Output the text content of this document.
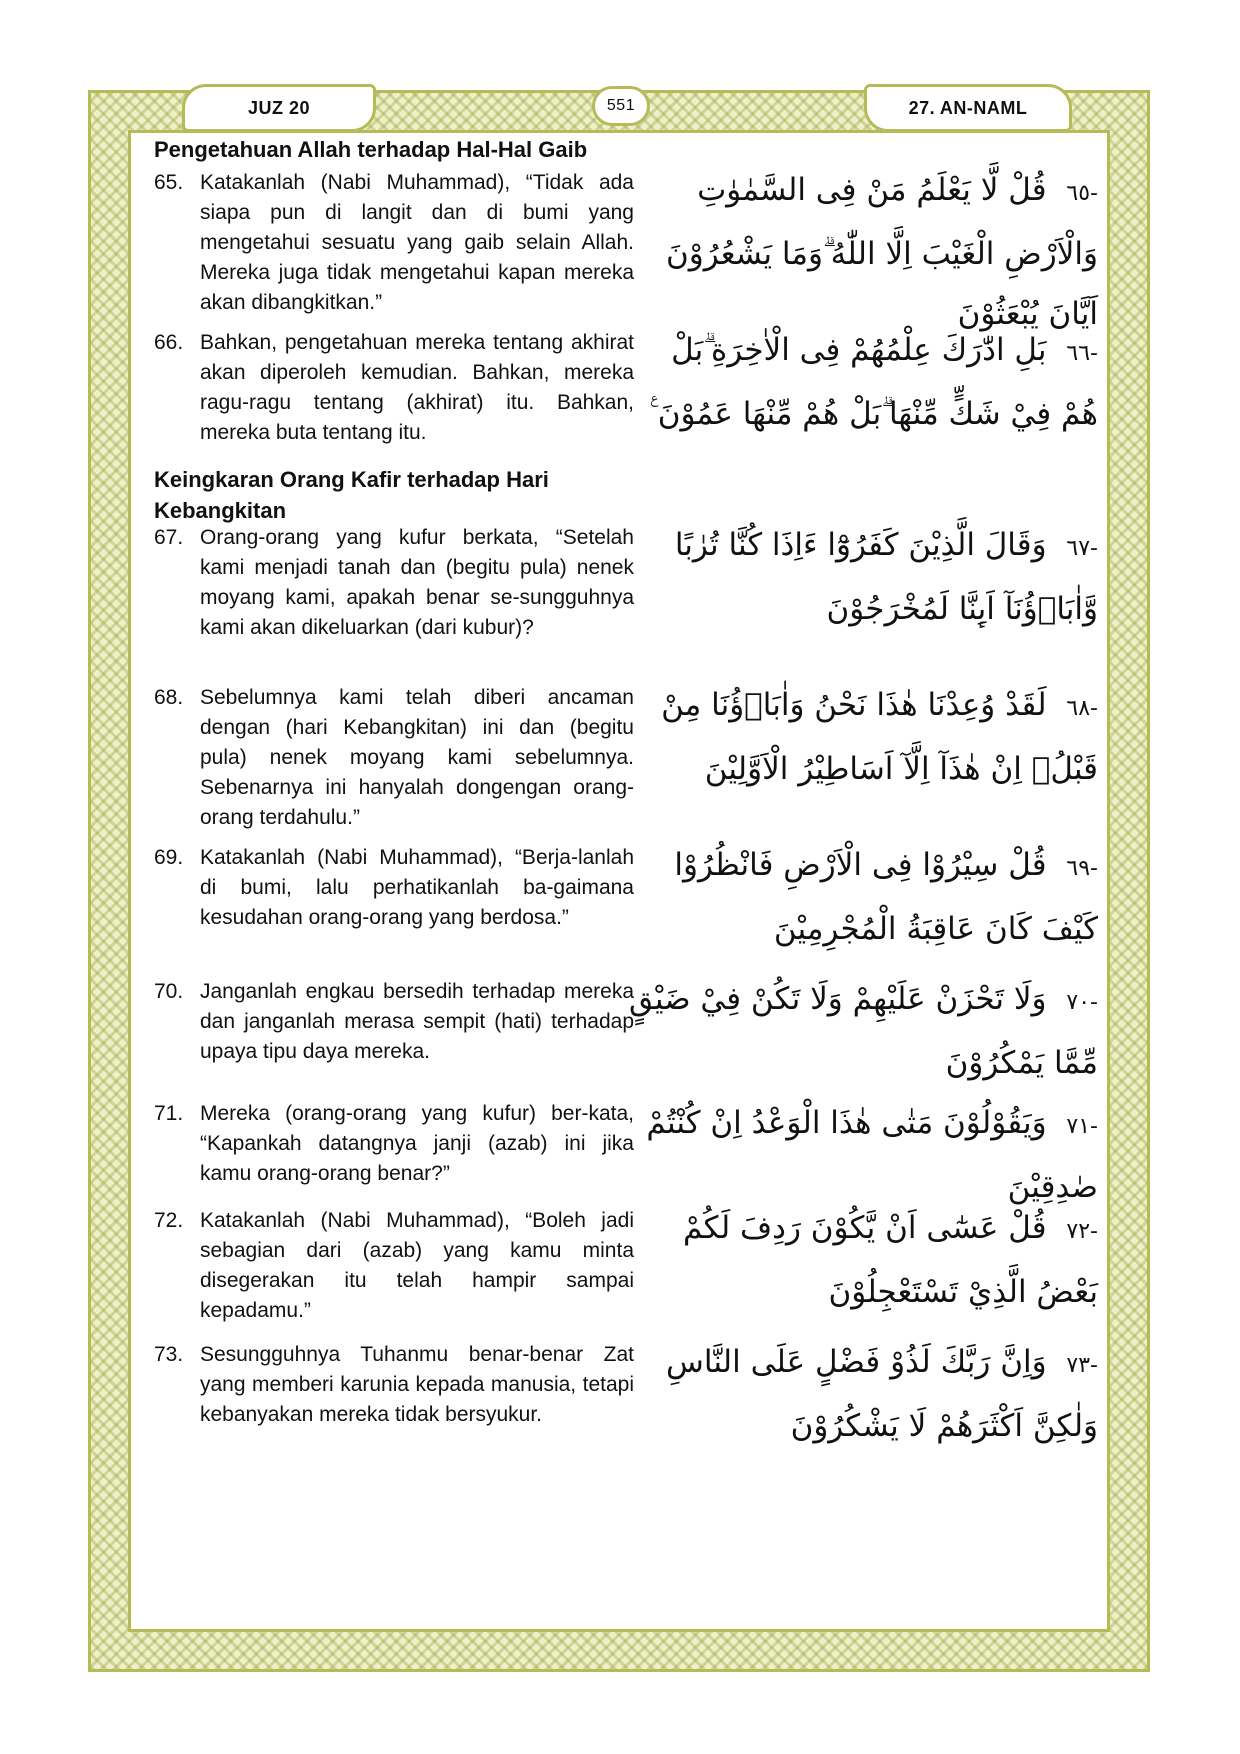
JUZ 20	551	27. AN-NAML
Pengetahuan Allah terhadap Hal-Hal Gaib
65. Katakanlah (Nabi Muhammad), “Tidak ada siapa pun di langit dan di bumi yang mengetahui sesuatu yang gaib selain Allah. Mereka juga tidak mengetahui kapan mereka akan dibangkitkan.”
-٦٥ قُلْ لَّا يَعْلَمُ مَنْ فِى السَّمٰوٰتِ وَالْاَرْضِ الْغَيْبَ اِلَّا اللّٰهُ ۗوَمَا يَشْعُرُوْنَ اَيَّانَ يُبْعَثُوْنَ
66. Bahkan, pengetahuan mereka tentang akhirat akan diperoleh kemudian. Bahkan, mereka ragu-ragu tentang (akhirat) itu. Bahkan, mereka buta tentang itu.
-٦٦ بَلِ ادّٰرَكَ عِلْمُهُمْ فِى الْاٰخِرَةِ ۗبَلْ هُمْ فِيْ شَكٍّ مِّنْهَا ۗبَلْ هُمْ مِّنْهَا عَمُوْنَ ࣖ
Keingkaran Orang Kafir terhadap Hari Kebangkitan
67. Orang-orang yang kufur berkata, “Setelah kami menjadi tanah dan (begitu pula) nenek moyang kami, apakah benar se-sungguhnya kami akan dikeluarkan (dari kubur)?
-٦٧ وَقَالَ الَّذِيْنَ كَفَرُوْٓا ءَاِذَا كُنَّا تُرٰبًا وَّاٰبَاۤؤُنَآ اَىِٕنَّا لَمُخْرَجُوْنَ
68. Sebelumnya kami telah diberi ancaman dengan (hari Kebangkitan) ini dan (begitu pula) nenek moyang kami sebelumnya. Sebenarnya ini hanyalah dongengan orang-orang terdahulu.”
-٦٨ لَقَدْ وُعِدْنَا هٰذَا نَحْنُ وَاٰبَاۤؤُنَا مِنْ قَبْلُۙ اِنْ هٰذَآ اِلَّآ اَسَاطِيْرُ الْاَوَّلِيْنَ
69. Katakanlah (Nabi Muhammad), “Berja-lanlah di bumi, lalu perhatikanlah ba-gaimana kesudahan orang-orang yang berdosa.”
-٦٩ قُلْ سِيْرُوْا فِى الْاَرْضِ فَانْظُرُوْا كَيْفَ كَانَ عَاقِبَةُ الْمُجْرِمِيْنَ
70. Janganlah engkau bersedih terhadap mereka dan janganlah merasa sempit (hati) terhadap upaya tipu daya mereka.
-٧٠ وَلَا تَحْزَنْ عَلَيْهِمْ وَلَا تَكُنْ فِيْ ضَيْقٍ مِّمَّا يَمْكُرُوْنَ
71. Mereka (orang-orang yang kufur) ber-kata, “Kapankah datangnya janji (azab) ini jika kamu orang-orang benar?”
-٧١ وَيَقُوْلُوْنَ مَتٰى هٰذَا الْوَعْدُ اِنْ كُنْتُمْ صٰدِقِيْنَ
72. Katakanlah (Nabi Muhammad), “Boleh jadi sebagian dari (azab) yang kamu minta disegerakan itu telah hampir sampai kepadamu.”
-٧٢ قُلْ عَسٰٓى اَنْ يَّكُوْنَ رَدِفَ لَكُمْ بَعْضُ الَّذِيْ تَسْتَعْجِلُوْنَ
73. Sesungguhnya Tuhanmu benar-benar Zat yang memberi karunia kepada manusia, tetapi kebanyakan mereka tidak bersyukur.
-٧٣ وَاِنَّ رَبَّكَ لَذُوْ فَضْلٍ عَلَى النَّاسِ وَلٰكِنَّ اَكْثَرَهُمْ لَا يَشْكُرُوْنَ
